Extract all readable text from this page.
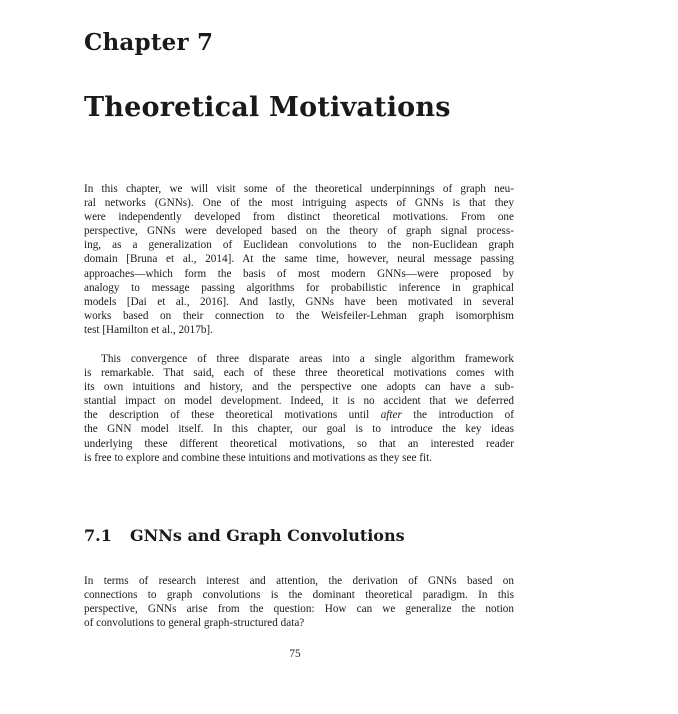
Chapter 7
Theoretical Motivations
In this chapter, we will visit some of the theoretical underpinnings of graph neu-
ral networks (GNNs). One of the most intriguing aspects of GNNs is that they
were independently developed from distinct theoretical motivations. From one
perspective, GNNs were developed based on the theory of graph signal process-
ing, as a generalization of Euclidean convolutions to the non-Euclidean graph
domain [Bruna et al., 2014]. At the same time, however, neural message passing
approaches—which form the basis of most modern GNNs—were proposed by
analogy to message passing algorithms for probabilistic inference in graphical
models [Dai et al., 2016]. And lastly, GNNs have been motivated in several
works based on their connection to the Weisfeiler-Lehman graph isomorphism
test [Hamilton et al., 2017b].
This convergence of three disparate areas into a single algorithm framework
is remarkable. That said, each of these three theoretical motivations comes with
its own intuitions and history, and the perspective one adopts can have a sub-
stantial impact on model development. Indeed, it is no accident that we deferred
the description of these theoretical motivations until after the introduction of
the GNN model itself. In this chapter, our goal is to introduce the key ideas
underlying these different theoretical motivations, so that an interested reader
is free to explore and combine these intuitions and motivations as they see fit.
7.1 GNNs and Graph Convolutions
In terms of research interest and attention, the derivation of GNNs based on
connections to graph convolutions is the dominant theoretical paradigm. In this
perspective, GNNs arise from the question: How can we generalize the notion
of convolutions to general graph-structured data?
75
